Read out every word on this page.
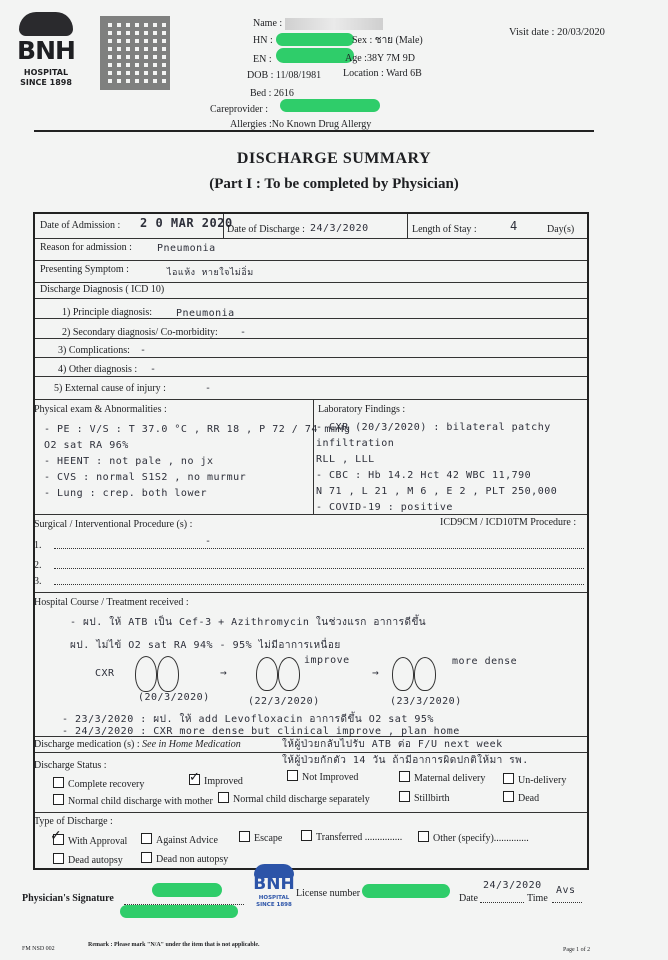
BNH
HOSPITAL
SINCE 1898
Name :
HN :	Sex : ชาย (Male)
EN :	Age :38Y 7M 9D
DOB : 11/08/1981 Location : Ward 6B
Bed : 2616
Careprovider :
Allergies :No Known Drug Allergy
Visit date : 20/03/2020
DISCHARGE SUMMARY
(Part I : To be completed by Physician)
Date of Admission : 2 0 MAR 2020
Date of Discharge : 24/3/2020	Length of Stay :	4	Day(s)
Reason for admission :	Pneumonia
Presenting Symptom :	ไอแห้ง หายใจไม่อิ่ม
Discharge Diagnosis ( ICD 10)
1) Principle diagnosis: Pneumonia
2) Secondary diagnosis/ Co-morbidity: -
3) Complications: -
4) Other diagnosis : -
5) External cause of injury :	-
Physical exam & Abnormalities :
- PE : V/S : T 37.0 °C , RR 18 , P 72 / 74 mmHg
O2 sat RA 96%
- HEENT : not pale , no jx
- CVS : normal S1S2 , no murmur
- Lung : crep. both lower
Laboratory Findings :
- CXR (20/3/2020) : bilateral patchy infiltration
RLL , LLL
- CBC : Hb 14.2 Hct 42 WBC 11,790
N 71 , L 21 , M 6 , E 2 , PLT 250,000
- COVID-19 : positive
Surgical / Interventional Procedure (s) :	ICD9CM / ICD10TM Procedure :
1.	-
2.
3.
Hospital Course / Treatment received :
- ผป. ให้ ATB เป็น Cef-3 + Azithromycin ในช่วงแรก อาการดีขึ้น
ผป. ไม่ไข้ O2 sat RA 94% - 95% ไม่มีอาการเหนื่อย
CXR
(20/3/2020)
→
improve
(22/3/2020)
→
more dense
(23/3/2020)
- 23/3/2020 : ผป. ให้ add Levofloxacin อาการดีขึ้น O2 sat 95%
- 24/3/2020 : CXR more dense but clinical improve , plan home
Discharge medication (s) : See in Home Medication	ให้ผู้ป่วยกลับไปรับ ATB ต่อ F/U next week
ให้ผู้ป่วยกักตัว 14 วัน ถ้ามีอาการผิดปกติให้มา รพ.
Discharge Status :
Complete recovery
✓ Improved	Not Improved	Maternal delivery	Un-delivery
Normal child discharge with mother	Normal child discharge separately	Stillbirth	Dead
Type of Discharge :
✓ With Approval	Against Advice	Escape	Transferred ...............	Other (specify)..............
Dead autopsy	Dead non autopsy
Physician's Signature
BNH
HOSPITAL SINCE 1898
License number	Date
24/3/2020
Time
Avs
FM NSD 002
Remark : Please mark "N/A" under the item that is not applicable.
Page 1 of 2
